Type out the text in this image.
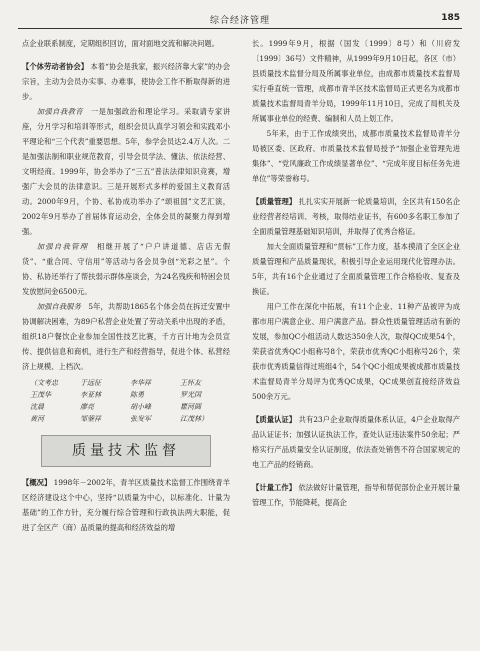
综合经济管理	185

点企业联系制度，定期组织回访，面对面地交流和解决问题。

【个体劳动者协会】 本着“协会是我家，振兴经济靠大家”的办会宗旨，主动为会员办实事、办难事，使协会工作不断取得新的进步。

加强自我教育　 一是加强政治和理论学习。采取请专家讲座，分月学习和培训等形式，组织会员认真学习领会和实践邓小平理论和“三个代表”重要思想。5年，参学会员达2.4万人次。二是加强法制和职业规范教育，引导会员学法、懂法、依法经营、文明经商。1999年，协会举办了“三五”普法法律知识竞赛，增强广大会员的法律意识。三是开展形式多样的爱国主义教育活动。2000年9月，个协、私协成功举办了“颂祖国”文艺汇演，2002年9月举办了首届体育运动会，全体会员的凝聚力得到增强。

加强自我管理　 相继开展了“户户讲道德、店店无假货”、“重合同、守信用”等活动与各会员争创“光彩之星”。个协、私协还举行了帮扶弱示群体座谈会，为24名残疾和特困会员发放慰问金6500元。

加强自我服务　 5年，共帮助1865名个体会员在拆迁安置中协调解决困难，为89户私营企业处置了劳动关系中出现的矛盾，组织18户餐饮企业参加全国性技艺比赛，千方百计地为会员宣传、提供信息和商机，进行生产和经营指导，促进个体、私营经济上规模、上档次。

（文考忠	于远征	李华祥	王怀友
王茂华	李亚林	陈勇	罗光国
沈晨	廖亮	胡小峰	瞿河圆
黄河	邹蓥祥	张发军	江茂林）
质量技术监督

【概况】 1998年－2002年，青羊区质量技术监督工作围绕青羊区经济建设这个中心，坚持“以质量为中心，以标准化、计量为基础”的工作方针，充分履行综合管理和行政执法两大职能，促进了全区产（商）品质量的提高和经济效益的增

长。1999年9月，根据（国发〔1999〕8号）和（川府发〔1999〕36号）文件精神，从1999年9月10日起，各区（市）县质量技术监督分局及所属事业单位，由成都市质量技术监督局实行垂直统一管理，成都市青羊区技术监督局正式更名为成都市质量技术监督局青羊分局，1999年11月10日，完成了局机关及所属事业单位的经费、编制和人员上划工作。

5年来，由于工作成绩突出，成都市质量技术监督局青羊分局被区委、区政府、市质量技术监督局授予“加强企业管理先进集体”、“党风廉政工作成绩显著单位”、“完成年度目标任务先进单位”等荣誉称号。

【质量管理】 扎扎实实开展新一轮质量培训，全区共有150名企业经营者经培训、考核，取得结业证书，有600多名职工参加了全面质量管理基础知识培训，并取得了优秀合格证。

加大全面质量管理和“贯标”工作力度，基本摸清了全区企业质量管理和产品质量现状，积极引导企业运用现代化管理办法。5年，共有16个企业通过了全面质量管理工作合格验收、复查及换证。

用户工作在深化中拓展，有11个企业、11种产品被评为成都市用户满意企业、用户满意产品。群众性质量管理活动有新的发展，参加QC小组活动人数达350余人次，取得QC成果54个，荣获省优秀QC小组称号8个，荣获市优秀QC小组称号26个，荣获市优秀质量信得过班组4个，54个QC小组成果被成都市质量技术监督局青羊分局评为优秀QC成果，QC成果创直接经济效益500余万元。

【质量认证】 共有23户企业取得质量体系认证，4户企业取得产品认证证书；加强认证执法工作，查处认证违法案件50余起；严格实行产品质量安全认证制度，依法查处销售不符合国家规定的电工产品的经销商。

【计量工作】 依法做好计量管理，指导和帮促部份企业开展计量管理工作，节能降耗，提高企
